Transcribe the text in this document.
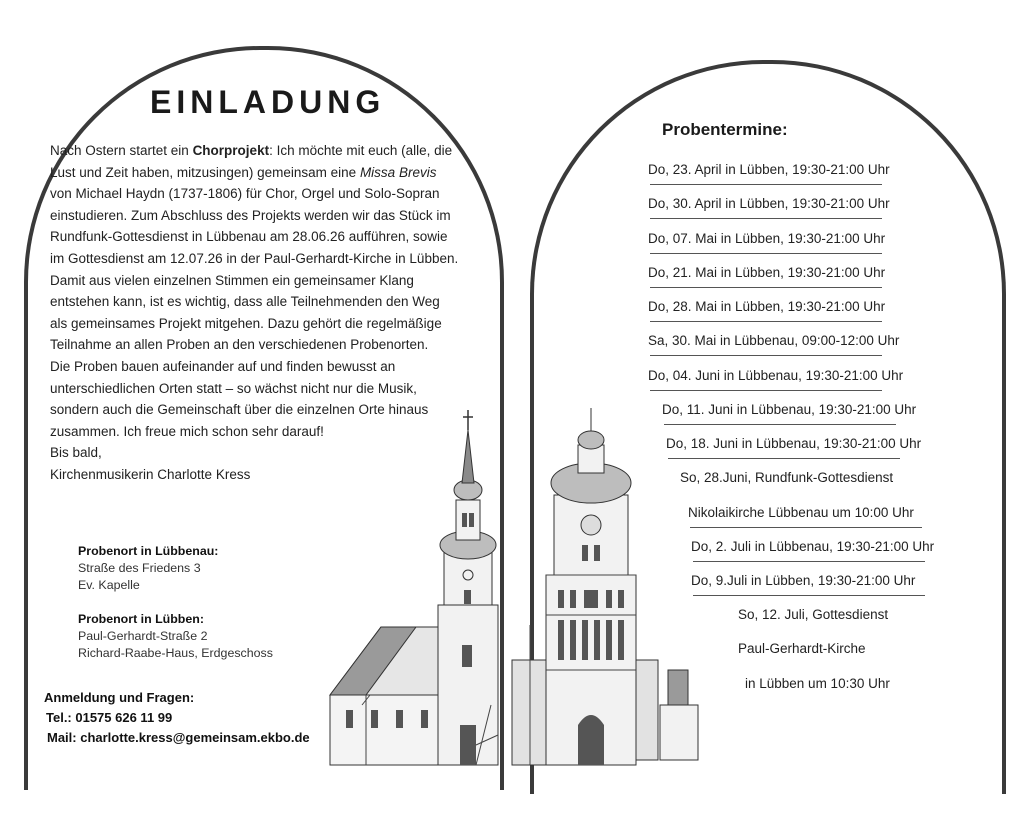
EINLADUNG

Nach Ostern startet ein Chorprojekt: Ich möchte mit euch (alle, die Lust und Zeit haben, mitzusingen) gemeinsam eine Missa Brevis von Michael Haydn (1737-1806) für Chor, Orgel und Solo-Sopran einstudieren. Zum Abschluss des Projekts werden wir das Stück im Rundfunk-Gottesdienst in Lübbenau am 28.06.26 aufführen, sowie im Gottesdienst am 12.07.26 in der Paul-Gerhardt-Kirche in Lübben.

Damit aus vielen einzelnen Stimmen ein gemeinsamer Klang entstehen kann, ist es wichtig, dass alle Teilnehmenden den Weg als gemeinsames Projekt mitgehen. Dazu gehört die regelmäßige Teilnahme an allen Proben an den verschiedenen Probenorten.

Die Proben bauen aufeinander auf und finden bewusst an unterschiedlichen Orten statt – so wächst nicht nur die Musik, sondern auch die Gemeinschaft über die einzelnen Orte hinaus zusammen. Ich freue mich schon sehr darauf!

Bis bald,

Kirchenmusikerin Charlotte Kress

Probenort in Lübbenau:
Straße des Friedens 3
Ev. Kapelle
Probenort in Lübben:
Paul-Gerhardt-Straße 2
Richard-Raabe-Haus, Erdgeschoss
Anmeldung und Fragen:
Tel.: 01575 626 11 99
Mail: charlotte.kress@gemeinsam.ekbo.de
Probentermine:
Do, 23. April in Lübben, 19:30-21:00 Uhr
Do, 30. April in Lübben, 19:30-21:00 Uhr
Do, 07. Mai in Lübben, 19:30-21:00 Uhr
Do, 21. Mai in Lübben, 19:30-21:00 Uhr
Do, 28. Mai in Lübben, 19:30-21:00 Uhr
Sa, 30. Mai in Lübbenau, 09:00-12:00 Uhr
Do, 04. Juni in Lübbenau, 19:30-21:00 Uhr
Do, 11. Juni in Lübbenau, 19:30-21:00 Uhr
Do, 18. Juni in Lübbenau, 19:30-21:00 Uhr
So, 28.Juni, Rundfunk-Gottesdienst
Nikolaikirche Lübbenau um 10:00 Uhr
Do, 2. Juli in Lübbenau, 19:30-21:00 Uhr
Do, 9.Juli in Lübben, 19:30-21:00 Uhr
So, 12. Juli, Gottesdienst
Paul-Gerhardt-Kirche
in Lübben um 10:30 Uhr
